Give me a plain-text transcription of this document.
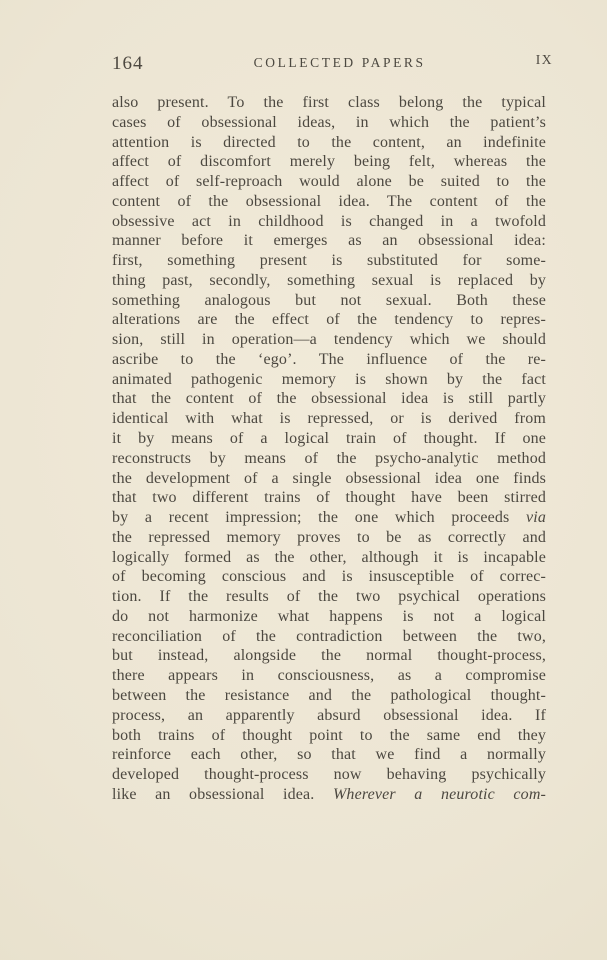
164	COLLECTED PAPERS	IX
also present. To the first class belong the typical
cases of obsessional ideas, in which the patient’s
attention is directed to the content, an indefinite
affect of discomfort merely being felt, whereas the
affect of self-reproach would alone be suited to the
content of the obsessional idea. The content of the
obsessive act in childhood is changed in a twofold
manner before it emerges as an obsessional idea:
first, something present is substituted for some-
thing past, secondly, something sexual is replaced by
something analogous but not sexual. Both these
alterations are the effect of the tendency to repres-
sion, still in operation—a tendency which we should
ascribe to the ‘ego’. The influence of the re-
animated pathogenic memory is shown by the fact
that the content of the obsessional idea is still partly
identical with what is repressed, or is derived from
it by means of a logical train of thought. If one
reconstructs by means of the psycho-analytic method
the development of a single obsessional idea one finds
that two different trains of thought have been stirred
by a recent impression; the one which proceeds via
the repressed memory proves to be as correctly and
logically formed as the other, although it is incapable
of becoming conscious and is insusceptible of correc-
tion. If the results of the two psychical operations
do not harmonize what happens is not a logical
reconciliation of the contradiction between the two,
but instead, alongside the normal thought-process,
there appears in consciousness, as a compromise
between the resistance and the pathological thought-
process, an apparently absurd obsessional idea. If
both trains of thought point to the same end they
reinforce each other, so that we find a normally
developed thought-process now behaving psychically
like an obsessional idea. Wherever a neurotic com-
